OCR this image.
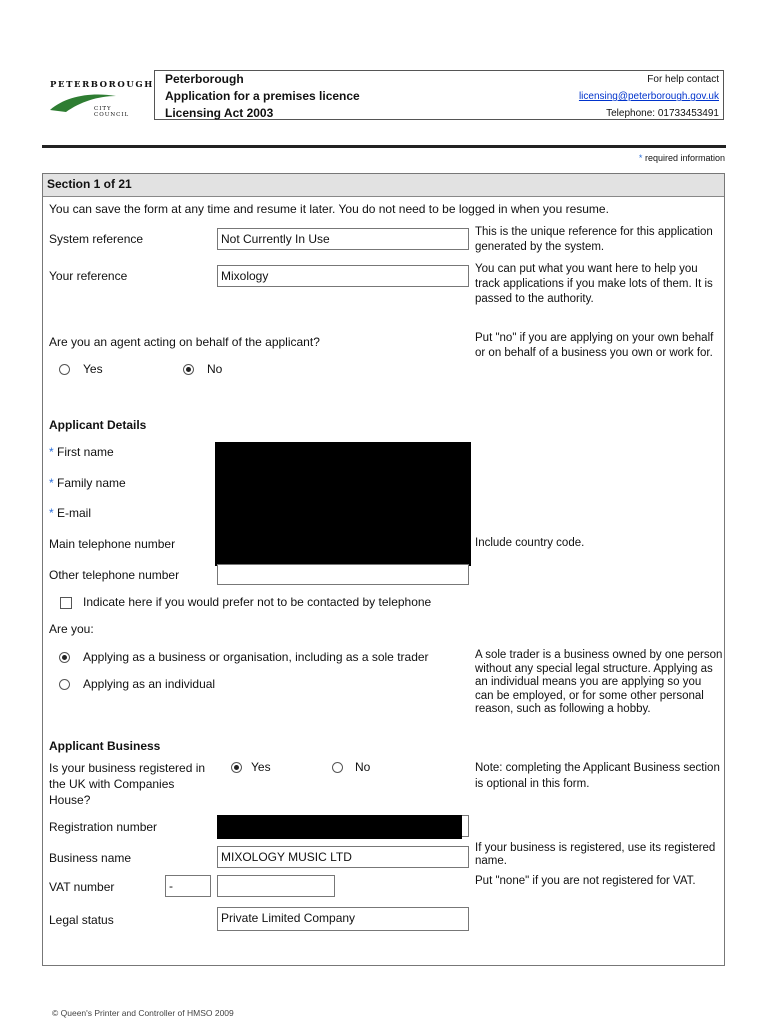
PETERBOROUGH
CITY COUNCIL
Peterborough
Application for a premises licence
Licensing Act 2003
For help contact
licensing@peterborough.gov.uk
Telephone: 01733453491
* required information
Section 1 of 21
You can save the form at any time and resume it later. You do not need to be logged in when you resume.
System reference	Not Currently In Use	This is the unique reference for this application generated by the system.
Your reference	Mixology	You can put what you want here to help you track applications if you make lots of them. It is passed to the authority.
Are you an agent acting on behalf of the applicant?	Put "no" if you are applying on your own behalf or on behalf of a business you own or work for.
Yes	No
Applicant Details
* First name
* Family name
* E-mail
Main telephone number	Include country code.
Other telephone number
Indicate here if you would prefer not to be contacted by telephone
Are you:
Applying as a business or organisation, including as a sole trader
Applying as an individual
A sole trader is a business owned by one person without any special legal structure. Applying as an individual means you are applying so you can be employed, or for some other personal reason, such as following a hobby.
Applicant Business
Is your business registered in the UK with Companies House?
Yes	No	Note: completing the Applicant Business section is optional in this form.
Registration number
Business name	MIXOLOGY MUSIC LTD
If your business is registered, use its registered name.
VAT number	-	Put "none" if you are not registered for VAT.
Legal status	Private Limited Company
© Queen's Printer and Controller of HMSO 2009
